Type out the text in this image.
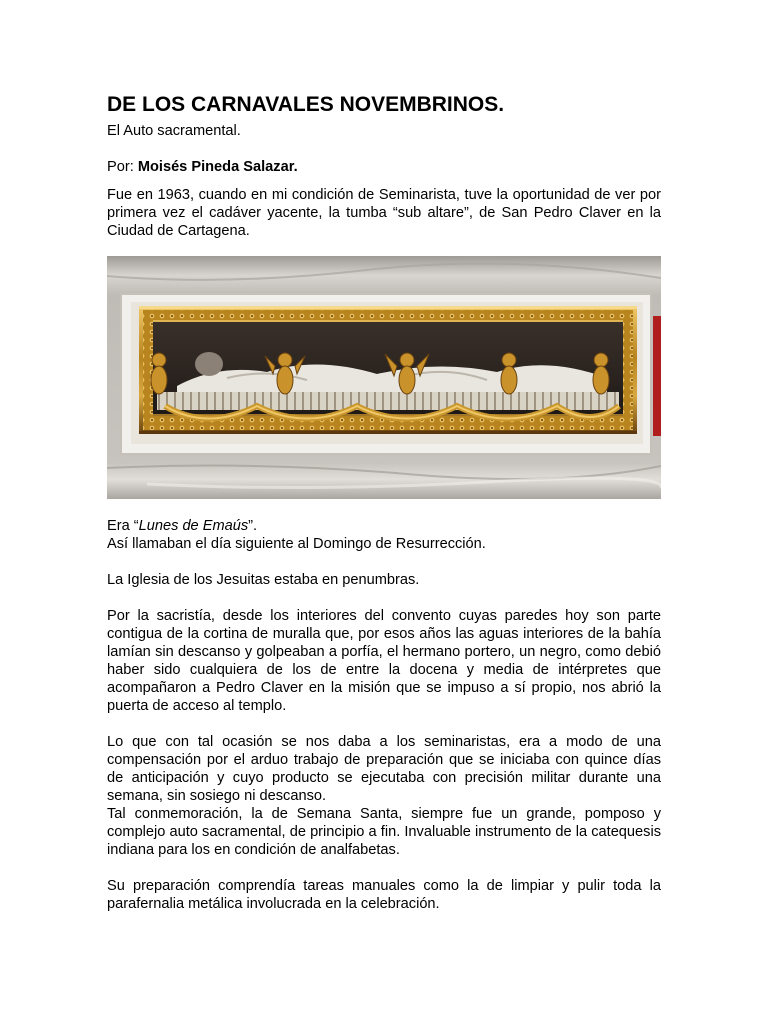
DE LOS CARNAVALES NOVEMBRINOS.

El Auto sacramental.

Por: Moisés Pineda Salazar.

Fue en 1963, cuando en mi condición de Seminarista, tuve la oportunidad de ver por primera vez el cadáver yacente, la tumba “sub altare”, de San Pedro Claver en la Ciudad de Cartagena.

Era “Lunes de Emaús”.

Así llamaban el día siguiente al Domingo de Resurrección.

La Iglesia de los Jesuitas estaba en penumbras.

Por la sacristía, desde los interiores del convento cuyas paredes hoy son parte contigua de la cortina de muralla que, por esos años las aguas interiores de la bahía lamían sin descanso y golpeaban a porfía, el hermano portero, un negro, como debió haber sido cualquiera de los de entre la docena y media de intérpretes que acompañaron a Pedro Claver en la misión que se impuso a sí propio, nos abrió la puerta de acceso al templo.

Lo que con tal ocasión se nos daba a los seminaristas, era a modo de una compensación por el arduo trabajo de preparación que se iniciaba con quince días de anticipación y cuyo producto se ejecutaba con precisión militar durante una semana, sin sosiego ni descanso.

Tal conmemoración, la de Semana Santa, siempre fue un grande, pomposo y complejo auto sacramental, de principio a fin. Invaluable instrumento de la catequesis indiana para los en condición de analfabetas.

Su preparación comprendía tareas manuales como la de limpiar y pulir toda la parafernalia metálica involucrada en la celebración.
